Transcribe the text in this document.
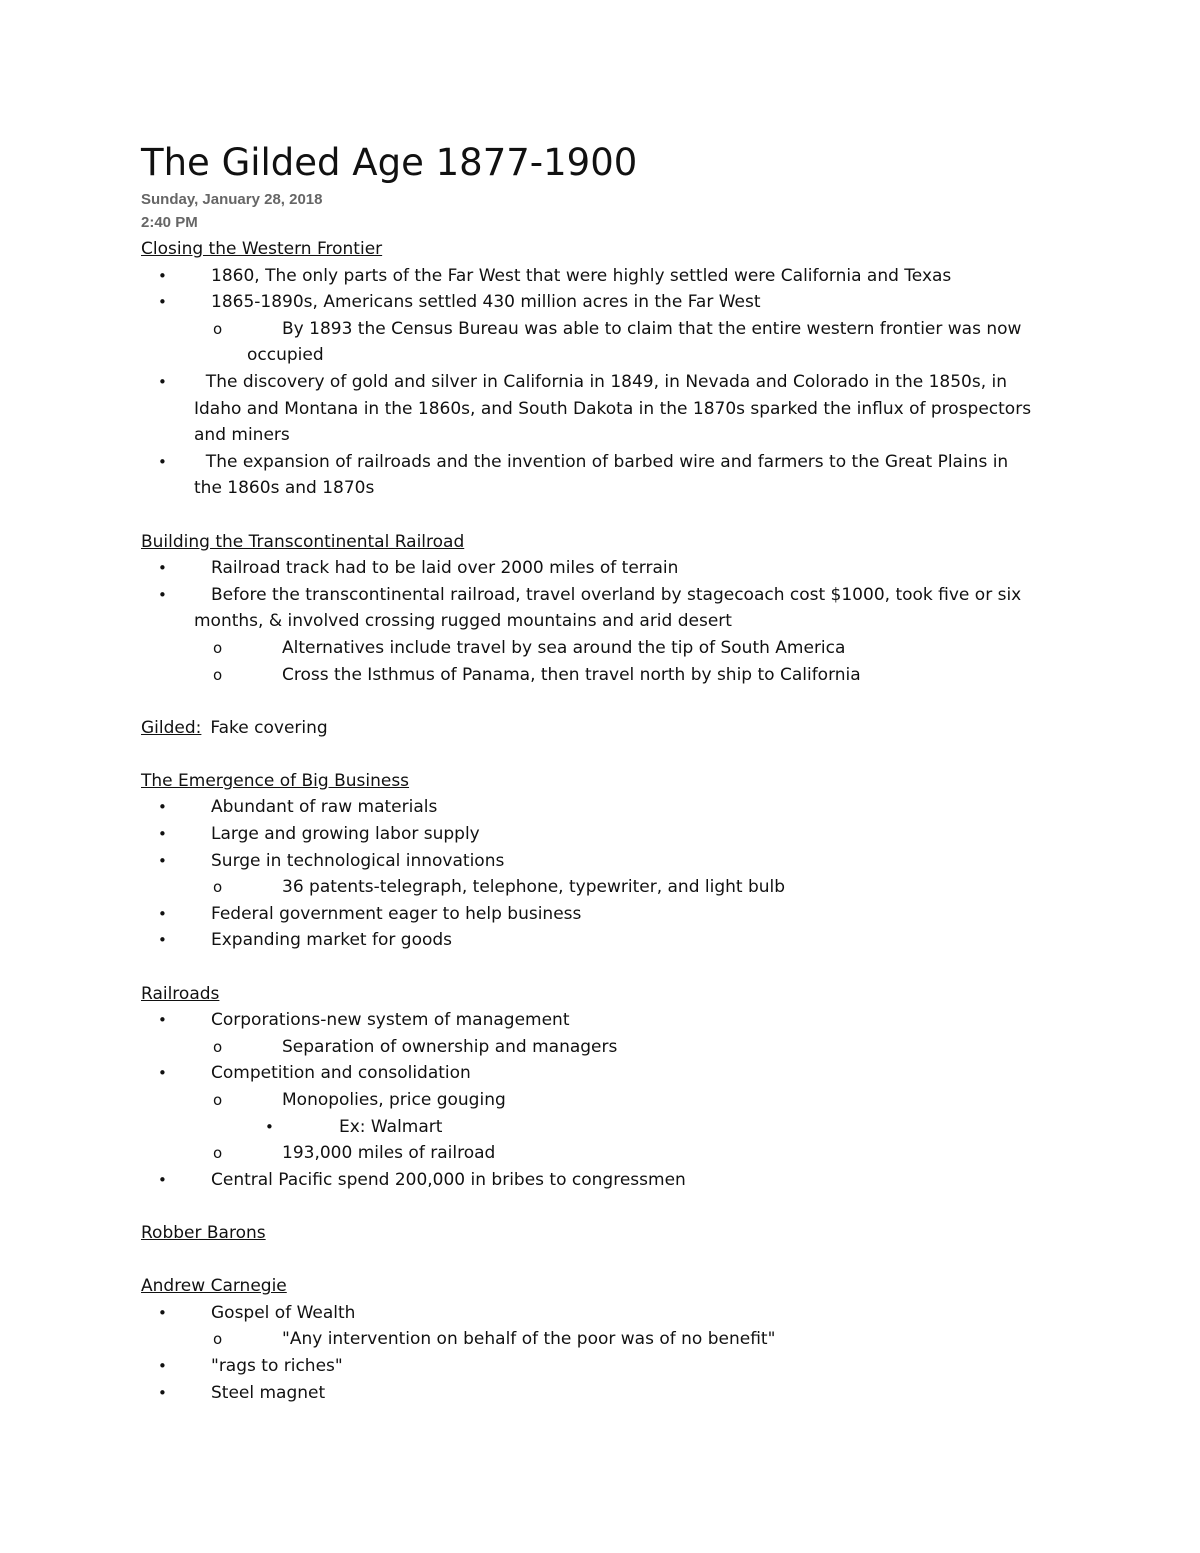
The Gilded Age 1877-1900
Sunday, January 28, 2018
2:40 PM
Closing the Western Frontier
•	1860, The only parts of the Far West that were highly settled were California and Texas
•	1865-1890s, Americans settled 430 million acres in the Far West
o	By 1893 the Census Bureau was able to claim that the entire western frontier was now
occupied
• The discovery of gold and silver in California in 1849, in Nevada and Colorado in the 1850s, in
Idaho and Montana in the 1860s, and South Dakota in the 1870s sparked the influx of prospectors
and miners
• The expansion of railroads and the invention of barbed wire and farmers to the Great Plains in
the 1860s and 1870s
Building the Transcontinental Railroad
•	Railroad track had to be laid over 2000 miles of terrain
•	Before the transcontinental railroad, travel overland by stagecoach cost $1000, took five or six
months, & involved crossing rugged mountains and arid desert
o	Alternatives include travel by sea around the tip of South America
o	Cross the Isthmus of Panama, then travel north by ship to California
Gilded: Fake covering
The Emergence of Big Business
•	Abundant of raw materials
•	Large and growing labor supply
•	Surge in technological innovations
o	36 patents-telegraph, telephone, typewriter, and light bulb
•	Federal government eager to help business
•	Expanding market for goods
Railroads
•	Corporations-new system of management
o	Separation of ownership and managers
•	Competition and consolidation
o	Monopolies, price gouging
•	Ex: Walmart
o	193,000 miles of railroad
•	Central Pacific spend 200,000 in bribes to congressmen
Robber Barons
Andrew Carnegie
•	Gospel of Wealth
o	"Any intervention on behalf of the poor was of no benefit"
•	"rags to riches"
•	Steel magnet
